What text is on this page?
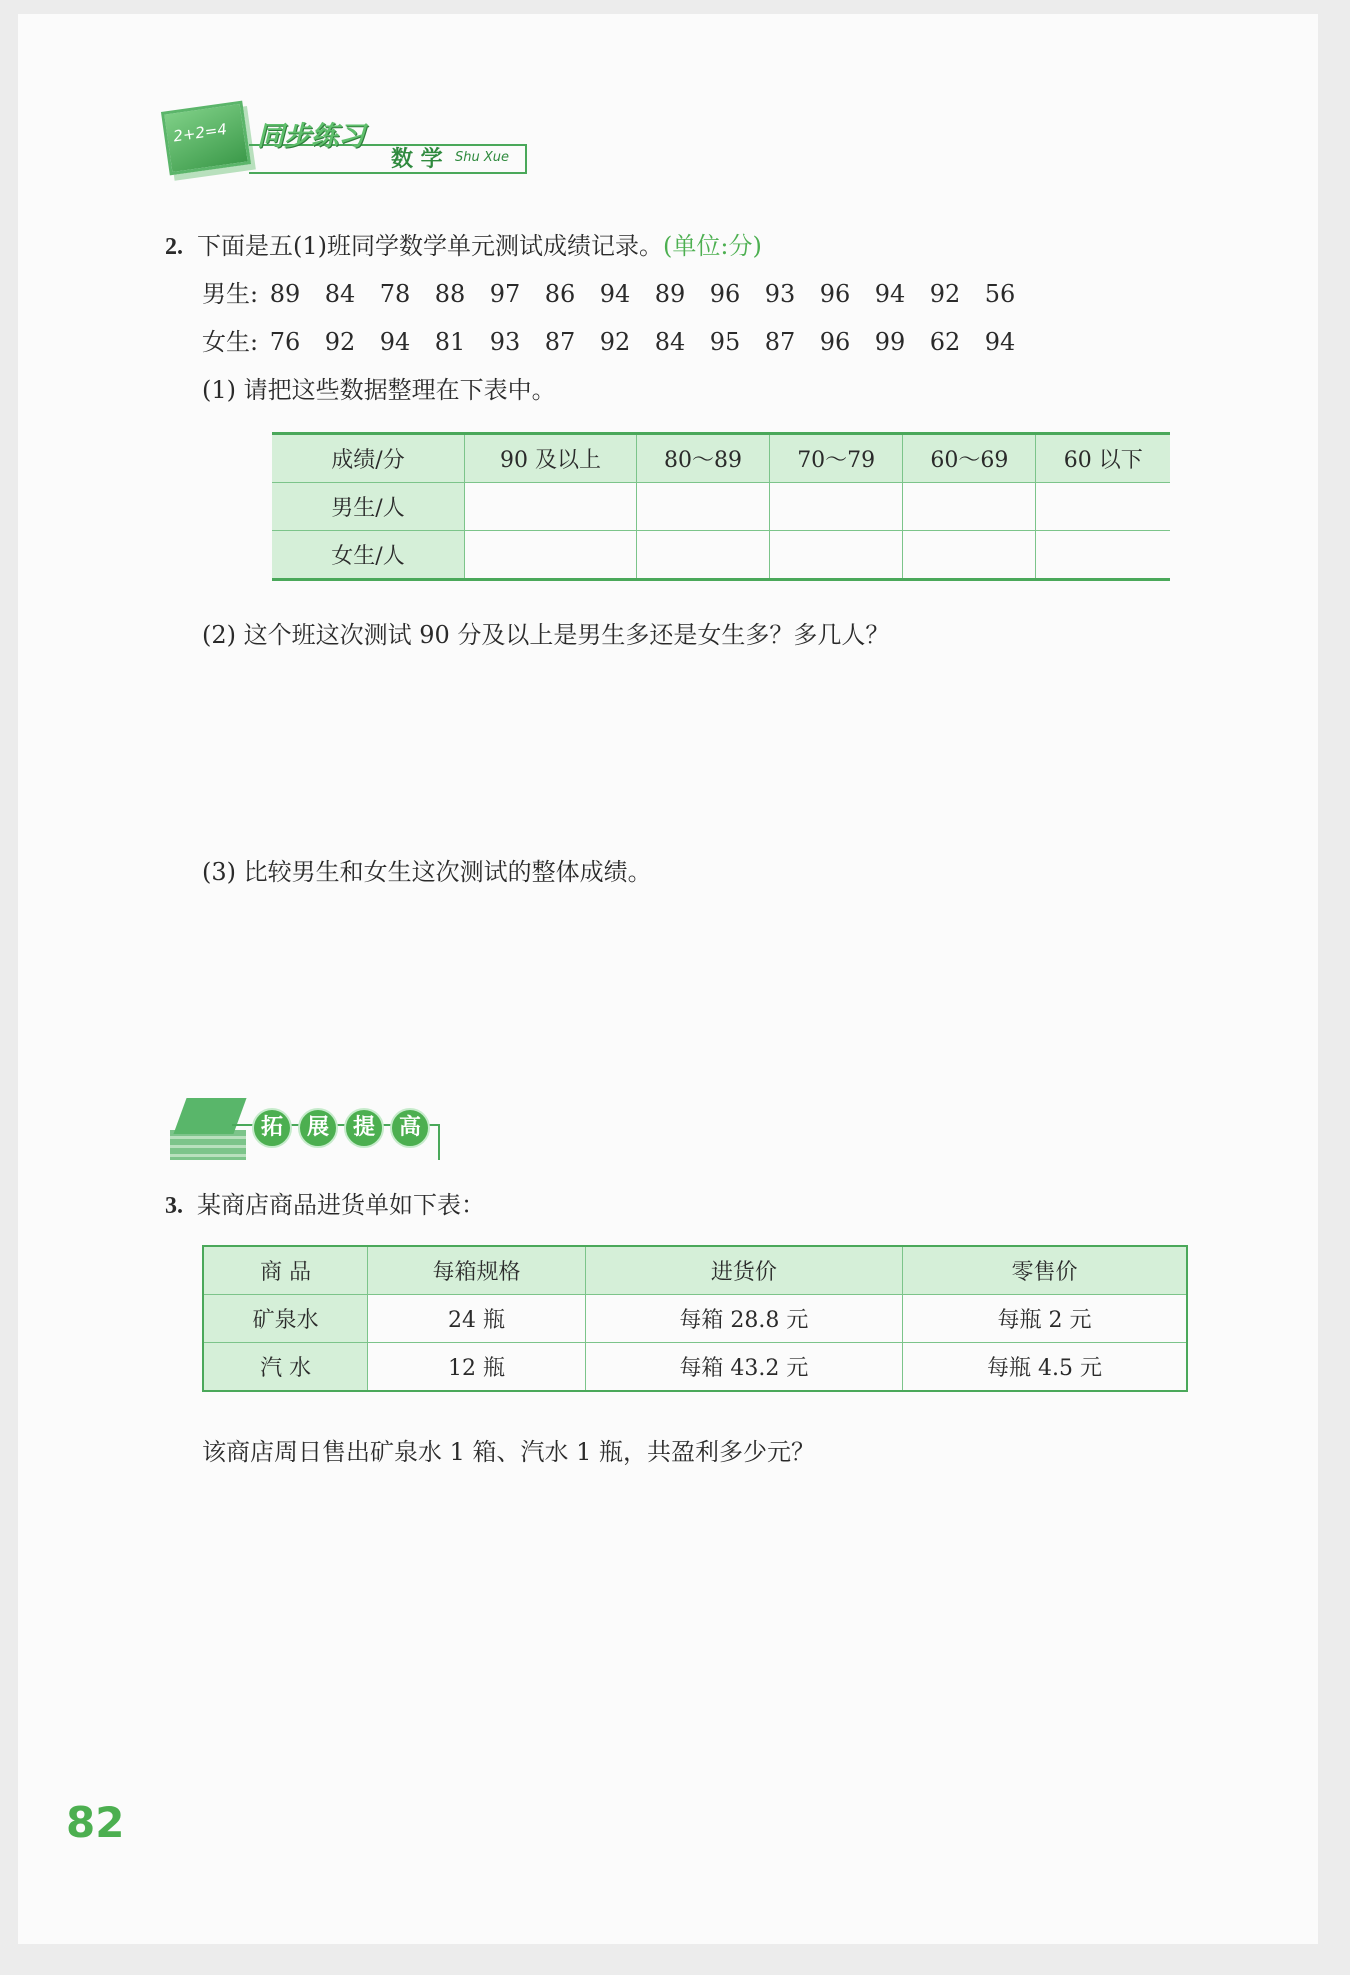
2+2=4 同步练习
数 学 Shu Xue
2. 下面是五(1)班同学数学单元测试成绩记录。(单位:分)
男生: 89 84 78 88 97 86 94 89 96 93 96 94 92 56
女生: 76 92 94 81 93 87 92 84 95 87 96 99 62 94
(1) 请把这些数据整理在下表中。
成绩/分	90 及以上	80～89	70～79	60～69	60 以下
男生/人					
女生/人					
(2) 这个班这次测试 90 分及以上是男生多还是女生多？多几人？
(3) 比较男生和女生这次测试的整体成绩。
拓	展	提	高
3. 某商店商品进货单如下表：
商 品	每箱规格	进货价	零售价
矿泉水	24 瓶	每箱 28.8 元	每瓶 2 元
汽 水	12 瓶	每箱 43.2 元	每瓶 4.5 元
该商店周日售出矿泉水 1 箱、汽水 1 瓶，共盈利多少元？
82
